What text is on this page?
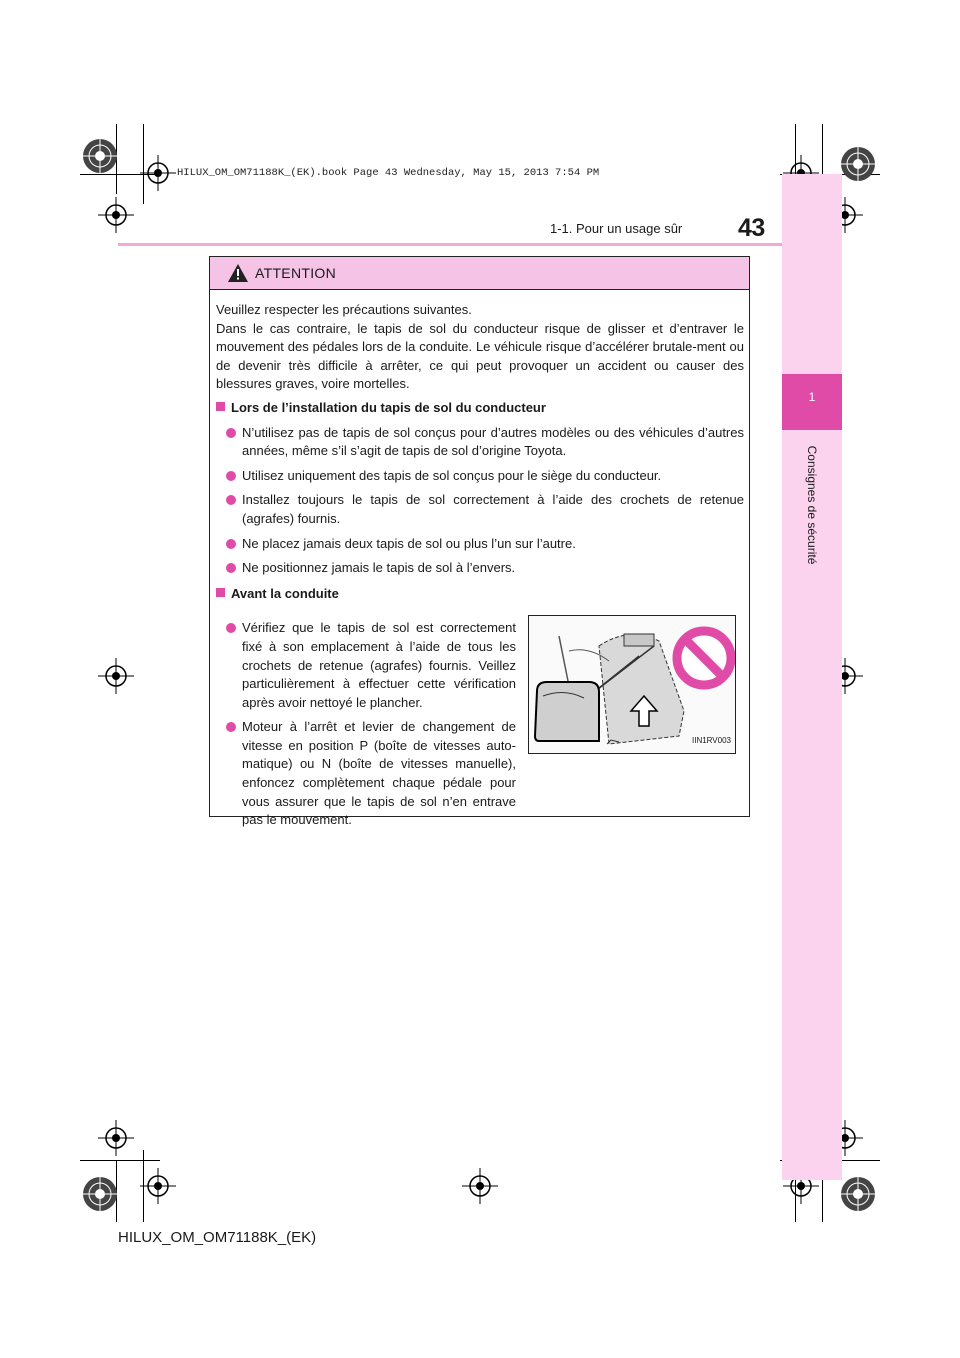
HILUX_OM_OM71188K_(EK).book Page 43 Wednesday, May 15, 2013 7:54 PM
1
Consignes de sécurité
43
1-1. Pour un usage sûr
ATTENTION

Veuillez respecter les précautions suivantes.

Dans le cas contraire, le tapis de sol du conducteur risque de glisser et d’entraver le mouvement des pédales lors de la conduite. Le véhicule risque d’accélérer brutale-ment ou de devenir très difficile à arrêter, ce qui peut provoquer un accident ou causer des blessures graves, voire mortelles.

Lors de l’installation du tapis de sol du conducteur
N’utilisez pas de tapis de sol conçus pour d’autres modèles ou des véhicules d’autres années, même s’il s’agit de tapis de sol d’origine Toyota.
Utilisez uniquement des tapis de sol conçus pour le siège du conducteur.
Installez toujours le tapis de sol correctement à l’aide des crochets de retenue (agrafes) fournis.
Ne placez jamais deux tapis de sol ou plus l’un sur l’autre.
Ne positionnez jamais le tapis de sol à l’envers.
Avant la conduite
Vérifiez que le tapis de sol est correctement fixé à son emplacement à l’aide de tous les crochets de retenue (agrafes) fournis. Veillez particulièrement à effectuer cette vérification après avoir nettoyé le plancher.
Moteur à l’arrêt et levier de changement de vitesse en position P (boîte de vitesses auto-matique) ou N (boîte de vitesses manuelle), enfoncez complètement chaque pédale pour vous assurer que le tapis de sol n’en entrave pas le mouvement.
IIN1RV003
HILUX_OM_OM71188K_(EK)
